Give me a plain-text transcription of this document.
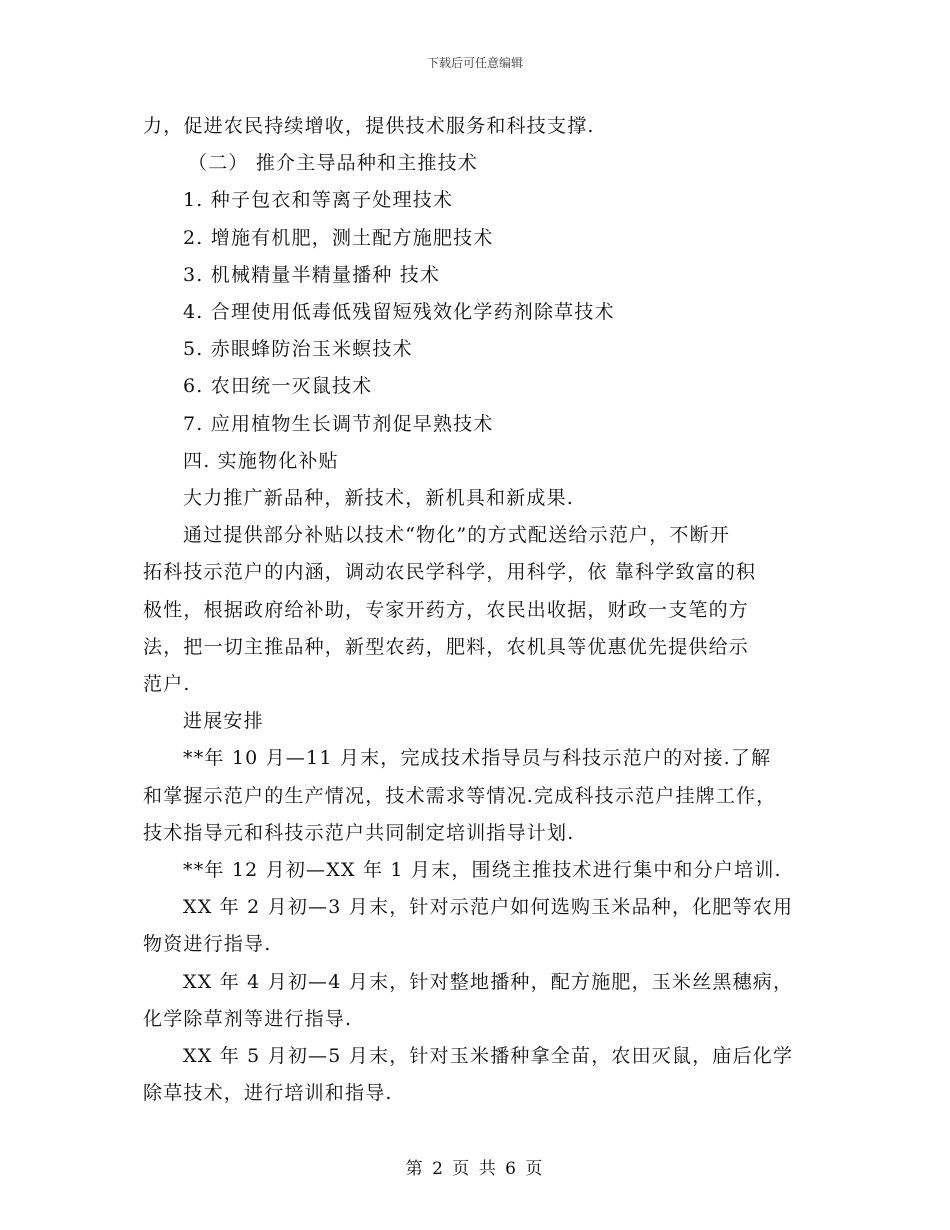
下载后可任意编辑

力，促进农民持续增收，提供技术服务和科技支撑.

（二） 推介主导品种和主推技术

1. 种子包衣和等离子处理技术

2. 增施有机肥，测土配方施肥技术

3. 机械精量半精量播种 技术

4. 合理使用低毒低残留短残效化学药剂除草技术

5. 赤眼蜂防治玉米螟技术

6. 农田统一灭鼠技术

7. 应用植物生长调节剂促早熟技术

四. 实施物化补贴

大力推广新品种，新技术，新机具和新成果.

通过提供部分补贴以技术“物化”的方式配送给示范户，不断开

拓科技示范户的内涵，调动农民学科学，用科学，依 靠科学致富的积

极性，根据政府给补助，专家开药方，农民出收据，财政一支笔的方

法，把一切主推品种，新型农药，肥料，农机具等优惠优先提供给示

范户.

进展安排

**年 10 月—11 月末，完成技术指导员与科技示范户的对接.了解

和掌握示范户的生产情况，技术需求等情况.完成科技示范户挂牌工作，

技术指导元和科技示范户共同制定培训指导计划.

**年 12 月初—XX 年 1 月末，围绕主推技术进行集中和分户培训.

XX 年 2 月初—3 月末，针对示范户如何选购玉米品种，化肥等农用

物资进行指导.

XX 年 4 月初—4 月末，针对整地播种，配方施肥，玉米丝黑穗病，

化学除草剂等进行指导.

XX 年 5 月初—5 月末，针对玉米播种拿全苗，农田灭鼠，庙后化学

除草技术，进行培训和指导.

第 2 页 共 6 页
